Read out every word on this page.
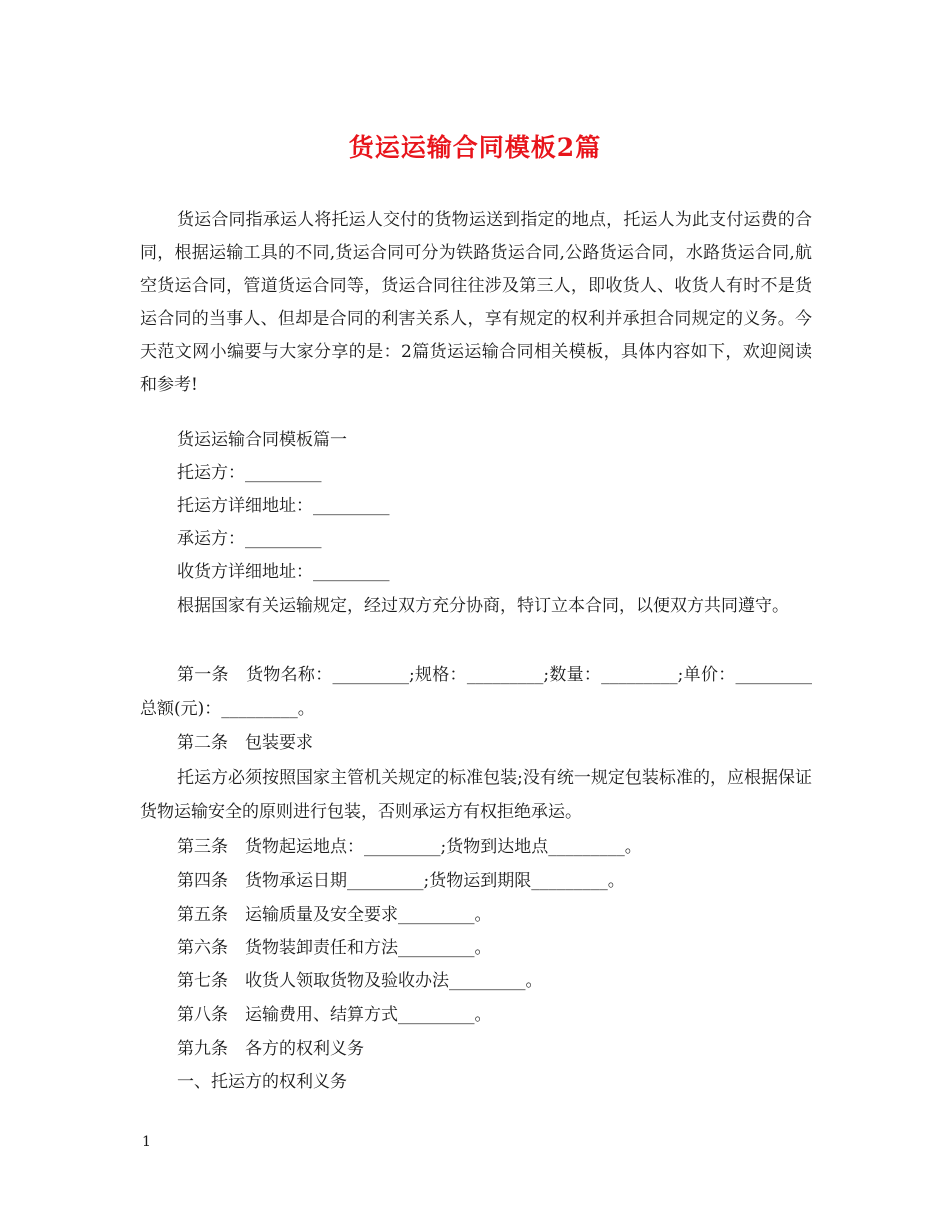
货运运输合同模板2篇

货运合同指承运人将托运人交付的货物运送到指定的地点，托运人为此支付运费的合同，根据运输工具的不同,货运合同可分为铁路货运合同,公路货运合同，水路货运合同,航空货运合同，管道货运合同等，货运合同往往涉及第三人，即收货人、收货人有时不是货运合同的当事人、但却是合同的利害关系人，享有规定的权利并承担合同规定的义务。今天范文网小编要与大家分享的是：2篇货运运输合同相关模板，具体内容如下，欢迎阅读和参考!

货运运输合同模板篇一

托运方：_________

托运方详细地址：_________

承运方：_________

收货方详细地址：_________

根据国家有关运输规定，经过双方充分协商，特订立本合同，以便双方共同遵守。

第一条　货物名称：_________;规格：_________;数量：_________;单价：_________总额(元)：_________。

第二条　包装要求

托运方必须按照国家主管机关规定的标准包装;没有统一规定包装标准的，应根据保证货物运输安全的原则进行包装，否则承运方有权拒绝承运。

第三条　货物起运地点：_________;货物到达地点_________。

第四条　货物承运日期_________;货物运到期限_________。

第五条　运输质量及安全要求_________。

第六条　货物装卸责任和方法_________。

第七条　收货人领取货物及验收办法_________。

第八条　运输费用、结算方式_________。

第九条　各方的权利义务

一、托运方的权利义务

1
